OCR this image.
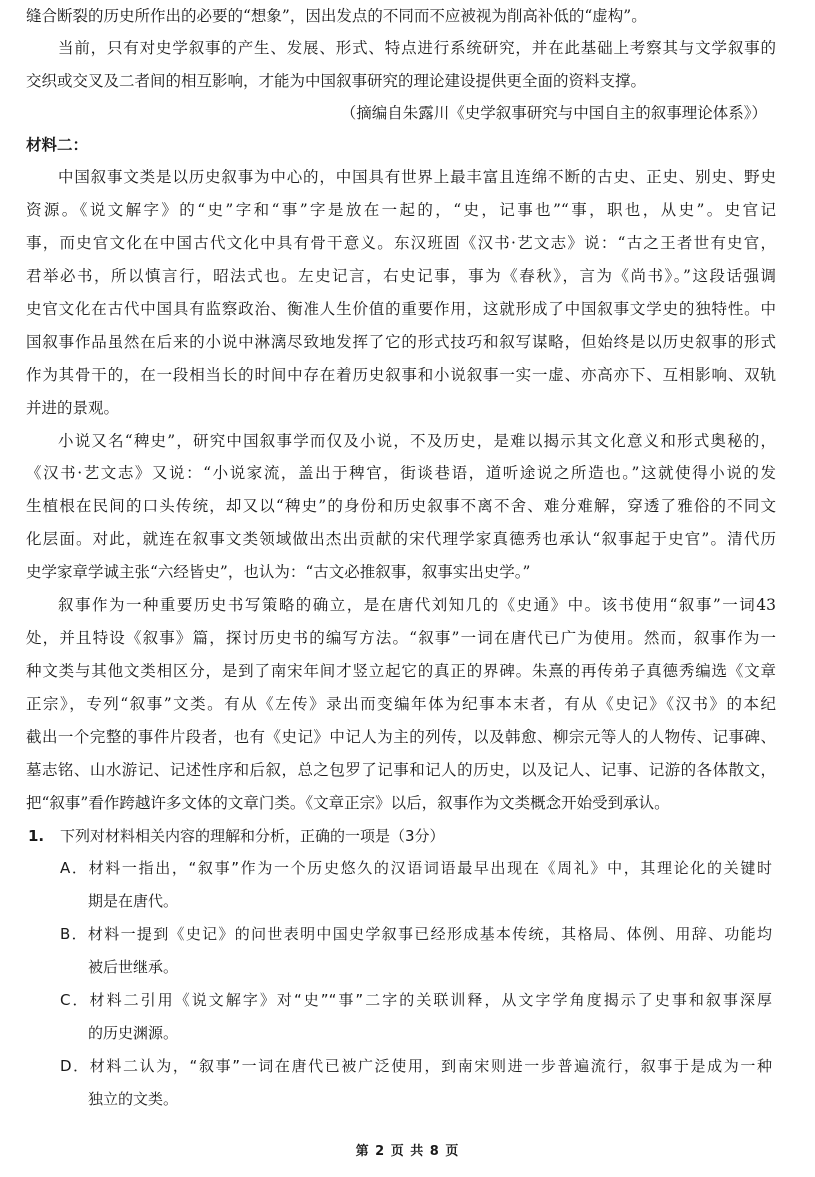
缝合断裂的历史所作出的必要的“想象”，因出发点的不同而不应被视为削高补低的“虚构”。
当前，只有对史学叙事的产生、发展、形式、特点进行系统研究，并在此基础上考察其与文学叙事的
交织或交叉及二者间的相互影响，才能为中国叙事研究的理论建设提供更全面的资料支撑。
（摘编自朱露川《史学叙事研究与中国自主的叙事理论体系》）
材料二：
中国叙事文类是以历史叙事为中心的，中国具有世界上最丰富且连绵不断的古史、正史、别史、野史
资源。《说文解字》的“史”字和“事”字是放在一起的，“史，记事也”“事，职也，从史”。史官记
事，而史官文化在中国古代文化中具有骨干意义。东汉班固《汉书·艺文志》说：“古之王者世有史官，
君举必书，所以慎言行，昭法式也。左史记言，右史记事，事为《春秋》，言为《尚书》。”这段话强调
史官文化在古代中国具有监察政治、衡准人生价值的重要作用，这就形成了中国叙事文学史的独特性。中
国叙事作品虽然在后来的小说中淋漓尽致地发挥了它的形式技巧和叙写谋略，但始终是以历史叙事的形式
作为其骨干的，在一段相当长的时间中存在着历史叙事和小说叙事一实一虚、亦高亦下、互相影响、双轨
并进的景观。
小说又名“稗史”，研究中国叙事学而仅及小说，不及历史，是难以揭示其文化意义和形式奥秘的，
《汉书·艺文志》又说：“小说家流，盖出于稗官，街谈巷语，道听途说之所造也。”这就使得小说的发
生植根在民间的口头传统，却又以“稗史”的身份和历史叙事不离不舍、难分难解，穿透了雅俗的不同文
化层面。对此，就连在叙事文类领域做出杰出贡献的宋代理学家真德秀也承认“叙事起于史官”。清代历
史学家章学诚主张“六经皆史”，也认为：“古文必推叙事，叙事实出史学。”
叙事作为一种重要历史书写策略的确立，是在唐代刘知几的《史通》中。该书使用“叙事”一词43
处，并且特设《叙事》篇，探讨历史书的编写方法。“叙事”一词在唐代已广为使用。然而，叙事作为一
种文类与其他文类相区分，是到了南宋年间才竖立起它的真正的界碑。朱熹的再传弟子真德秀编选《文章
正宗》，专列“叙事”文类。有从《左传》录出而变编年体为纪事本末者，有从《史记》《汉书》的本纪
截出一个完整的事件片段者，也有《史记》中记人为主的列传，以及韩愈、柳宗元等人的人物传、记事碑、
墓志铭、山水游记、记述性序和后叙，总之包罗了记事和记人的历史，以及记人、记事、记游的各体散文，
把“叙事”看作跨越许多文体的文章门类。《文章正宗》以后，叙事作为文类概念开始受到承认。
1. 下列对材料相关内容的理解和分析，正确的一项是（3分）
A．材料一指出，“叙事”作为一个历史悠久的汉语词语最早出现在《周礼》中，其理论化的关键时
期是在唐代。
B．材料一提到《史记》的问世表明中国史学叙事已经形成基本传统，其格局、体例、用辞、功能均
被后世继承。
C．材料二引用《说文解字》对“史”“事”二字的关联训释，从文字学角度揭示了史事和叙事深厚
的历史渊源。
D．材料二认为，“叙事”一词在唐代已被广泛使用，到南宋则进一步普遍流行，叙事于是成为一种
独立的文类。
第 2 页 共 8 页
